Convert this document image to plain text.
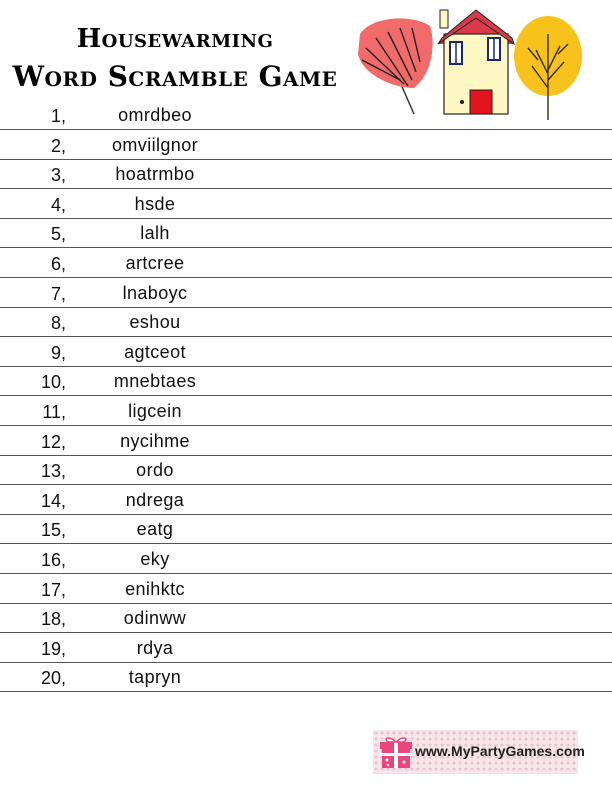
Housewarming
Word Scramble Game
1,	omrdbeo
2,	omviilgnor
3,	hoatrmbo
4,	hsde
5,	lalh
6,	artcree
7,	lnaboyc
8,	eshou
9,	agtceot
10,	mnebtaes
11,	ligcein
12,	nycihme
13,	ordo
14,	ndrega
15,	eatg
16,	eky
17,	enihktc
18,	odinww
19,	rdya
20,	tapryn
www.MyPartyGames.com
